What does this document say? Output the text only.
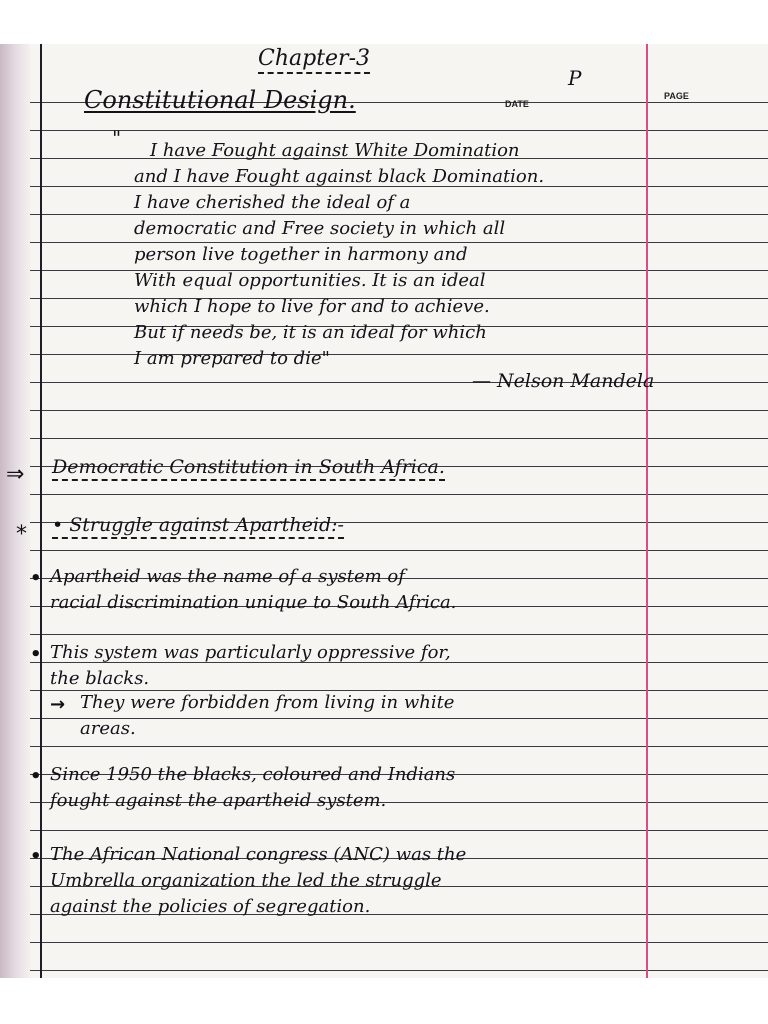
Chapter-3
P
Constitutional Design.	DATE
PAGE
"
I have Fought against White Domination
and I have Fought against black Domination.
I have cherished the ideal of a
democratic and Free society in which all
person live together in harmony and
With equal opportunities. It is an ideal
which I hope to live for and to achieve.
But if needs be, it is an ideal for which
I am prepared to die"
— Nelson Mandela
⇒ Democratic Constitution in South Africa.
* • Struggle against Apartheid:-
• Apartheid was the name of a system of
racial discrimination unique to South Africa.
• This system was particularly oppressive for,
the blacks.
→ They were forbidden from living in white
areas.
• Since 1950 the blacks, coloured and Indians
fought against the apartheid system.
• The African National congress (ANC) was the
Umbrella organization the led the struggle
against the policies of segregation.
